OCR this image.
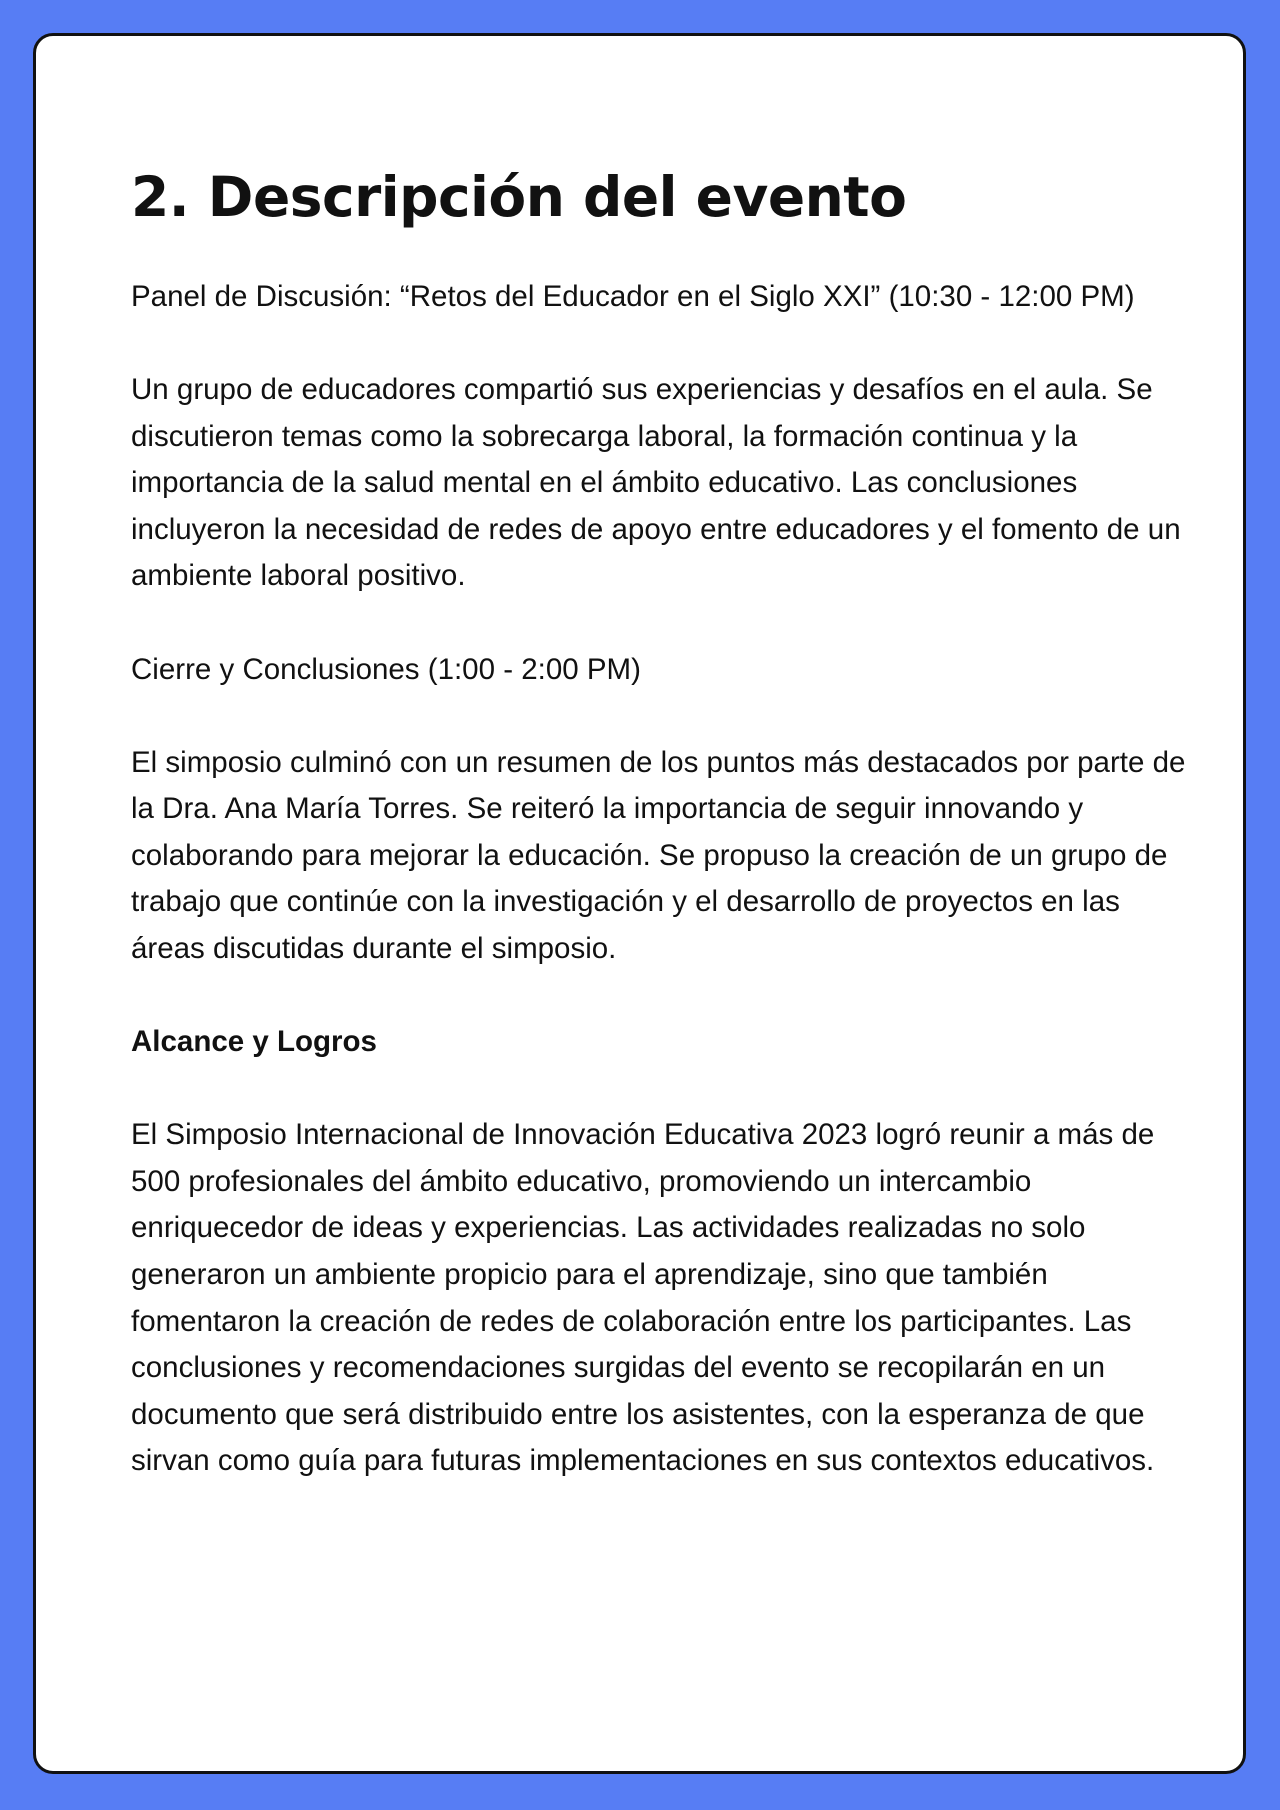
2. Descripción del evento

Panel de Discusión: “Retos del Educador en el Siglo XXI” (10:30 - 12:00 PM)

Un grupo de educadores compartió sus experiencias y desafíos en el aula. Se discutieron temas como la sobrecarga laboral, la formación continua y la importancia de la salud mental en el ámbito educativo. Las conclusiones incluyeron la necesidad de redes de apoyo entre educadores y el fomento de un ambiente laboral positivo.

Cierre y Conclusiones (1:00 - 2:00 PM)

El simposio culminó con un resumen de los puntos más destacados por parte de la Dra. Ana María Torres. Se reiteró la importancia de seguir innovando y colaborando para mejorar la educación. Se propuso la creación de un grupo de trabajo que continúe con la investigación y el desarrollo de proyectos en las áreas discutidas durante el simposio.

Alcance y Logros

El Simposio Internacional de Innovación Educativa 2023 logró reunir a más de 500 profesionales del ámbito educativo, promoviendo un intercambio enriquecedor de ideas y experiencias. Las actividades realizadas no solo generaron un ambiente propicio para el aprendizaje, sino que también fomentaron la creación de redes de colaboración entre los participantes. Las conclusiones y recomendaciones surgidas del evento se recopilarán en un documento que será distribuido entre los asistentes, con la esperanza de que sirvan como guía para futuras implementaciones en sus contextos educativos.
